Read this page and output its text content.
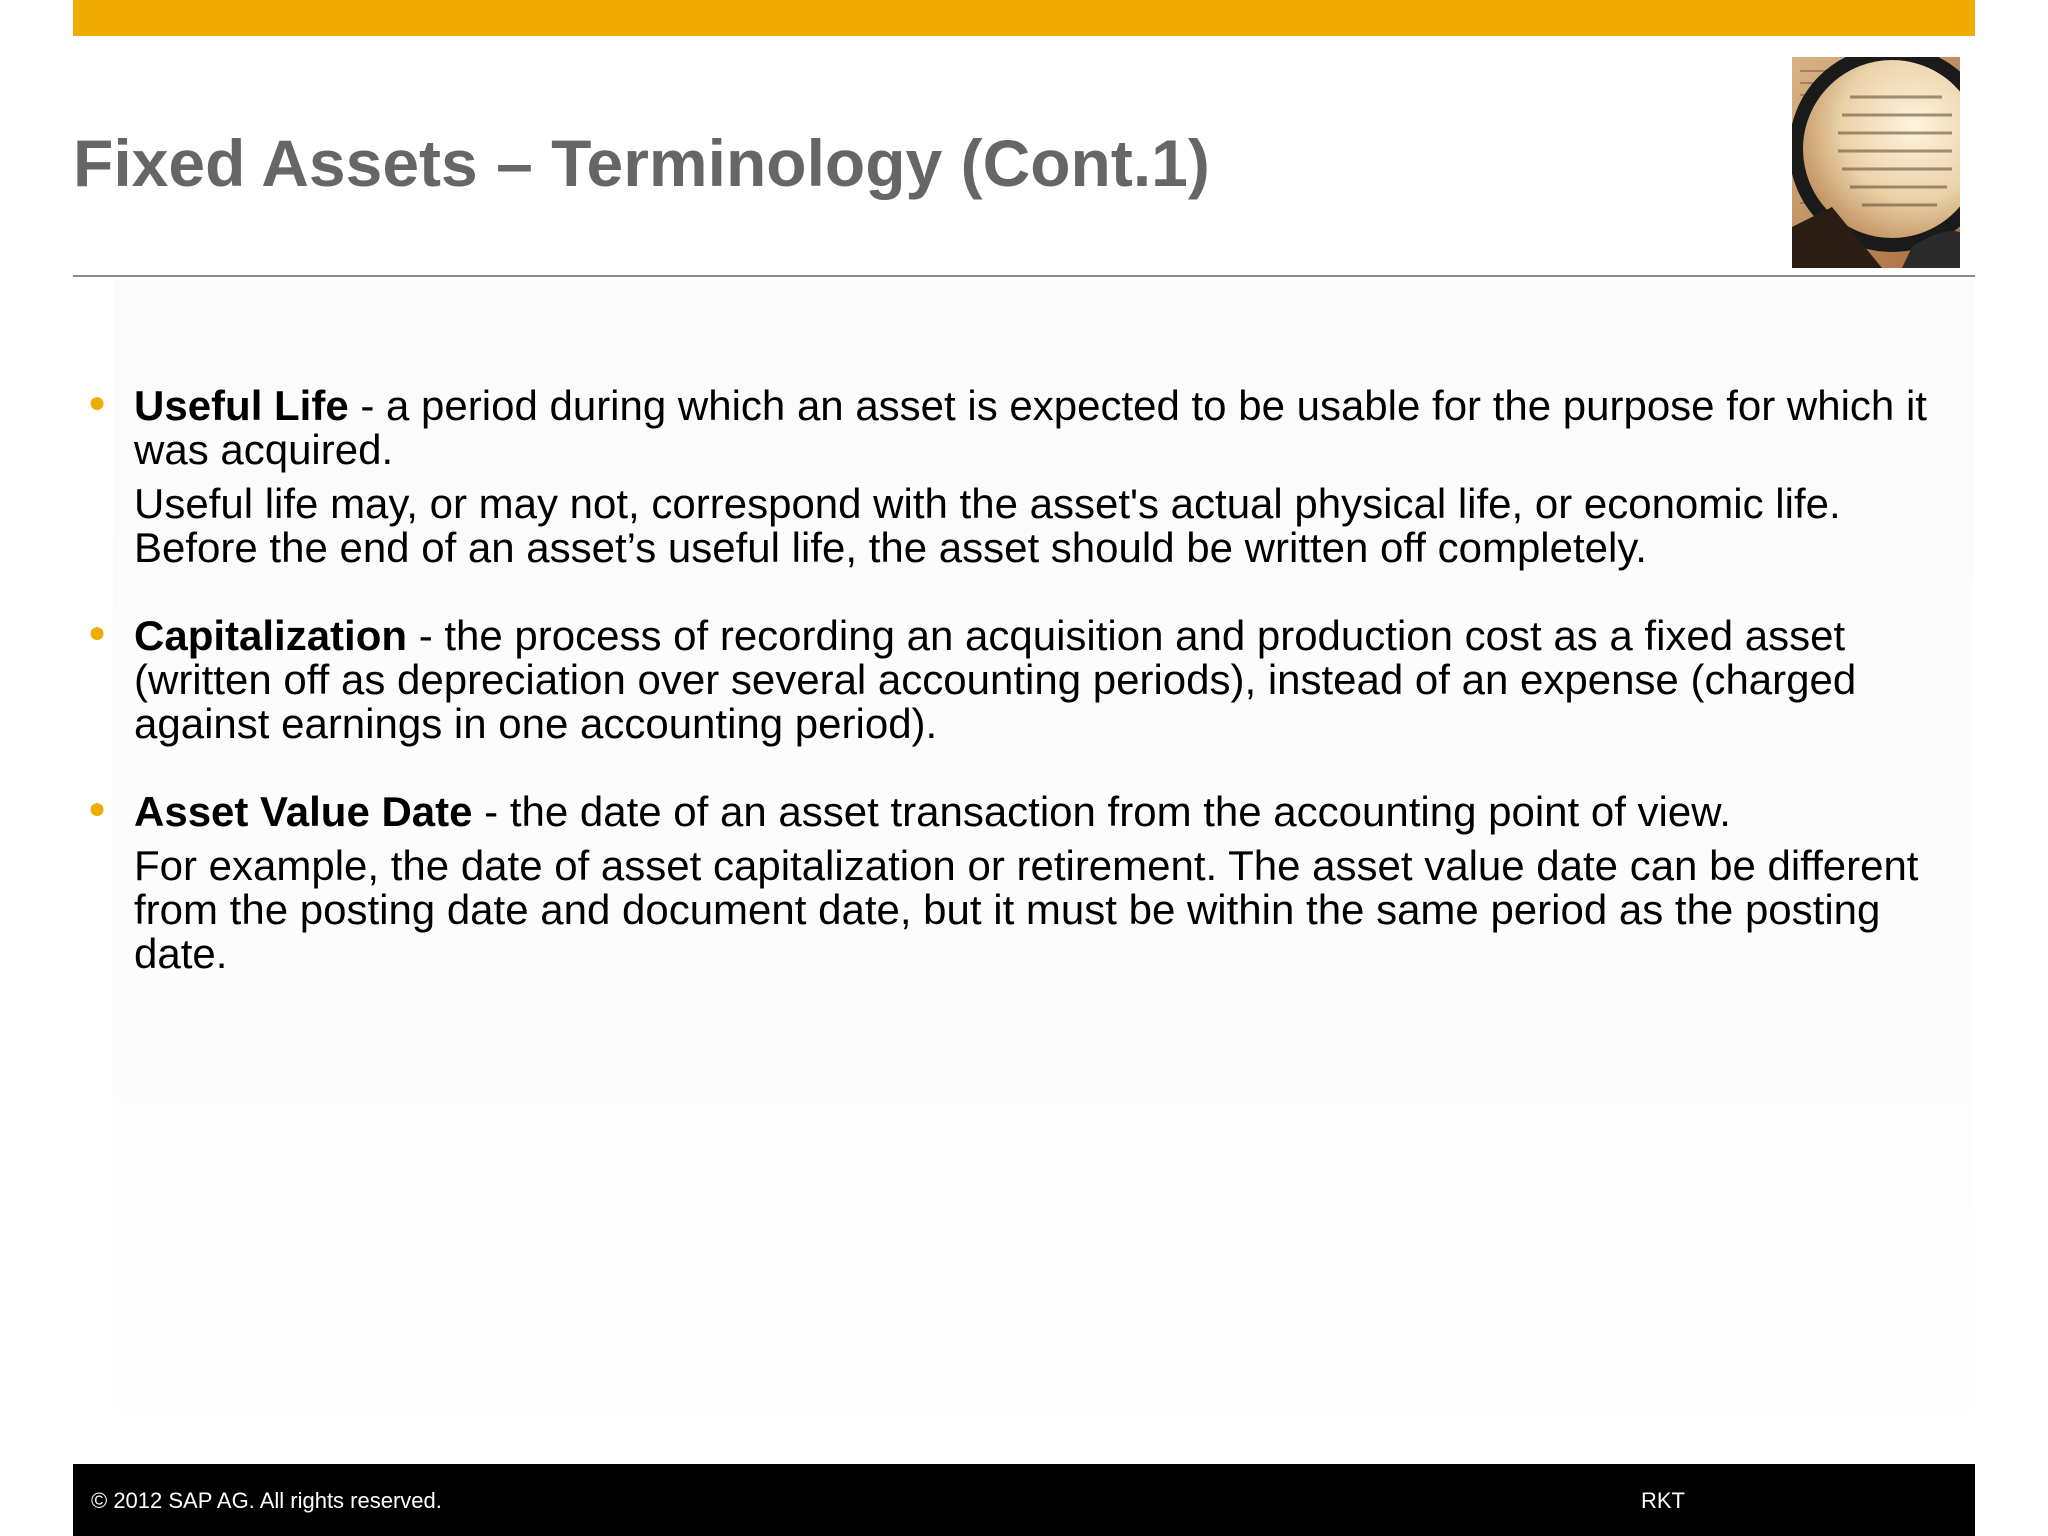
Fixed Assets – Terminology (Cont.1)
● Useful Life - a period during which an asset is expected to be usable for the purpose for which it was acquired.

Useful life may, or may not, correspond with the asset's actual physical life, or economic life. Before the end of an asset’s useful life, the asset should be written off completely.

● Capitalization - the process of recording an acquisition and production cost as a fixed asset (written off as depreciation over several accounting periods), instead of an expense (charged against earnings in one accounting period).

● Asset Value Date - the date of an asset transaction from the accounting point of view.

For example, the date of asset capitalization or retirement. The asset value date can be different from the posting date and document date, but it must be within the same period as the posting date.

© 2012 SAP AG. All rights reserved.	RKT
